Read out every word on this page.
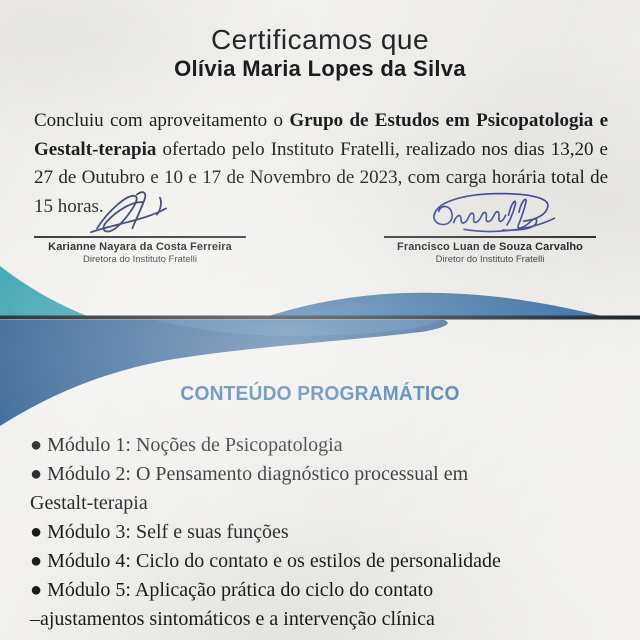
Certificamos que
Olívia Maria Lopes da Silva

Concluiu com aproveitamento o Grupo de Estudos em Psicopatologia e Gestalt-terapia ofertado pelo Instituto Fratelli, realizado nos dias 13,20 e 27 de Outubro e 10 e 17 de Novembro de 2023, com carga horária total de 15 horas.

Karianne Nayara da Costa Ferreira
Diretora do Instituto Fratelli
Francisco Luan de Souza Carvalho
Diretor do Instituto Fratelli
CONTEÚDO PROGRAMÁTICO
● Módulo 1: Noções de Psicopatologia
● Módulo 2: O Pensamento diagnóstico processual em
Gestalt-terapia
● Módulo 3: Self e suas funções
● Módulo 4: Ciclo do contato e os estilos de personalidade
● Módulo 5: Aplicação prática do ciclo do contato
–ajustamentos sintomáticos e a intervenção clínica
